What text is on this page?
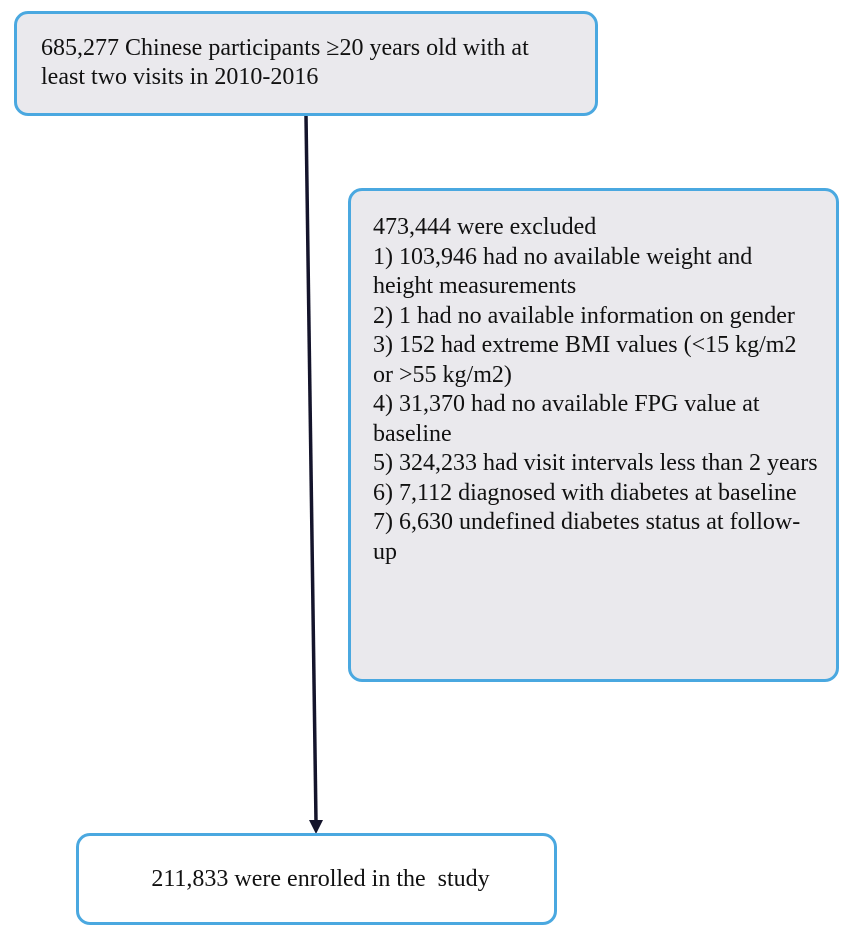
685,277 Chinese participants ≥20 years old with at least two visits in 2010-2016
473,444 were excluded
1) 103,946 had no available weight and height measurements
2) 1 had no available information on gender
3) 152 had extreme BMI values (<15 kg/m2 or >55 kg/m2)
4) 31,370 had no available FPG value at baseline
5) 324,233 had visit intervals less than 2 years
6) 7,112 diagnosed with diabetes at baseline
7) 6,630 undefined diabetes status at follow-up
211,833 were enrolled in the  study
